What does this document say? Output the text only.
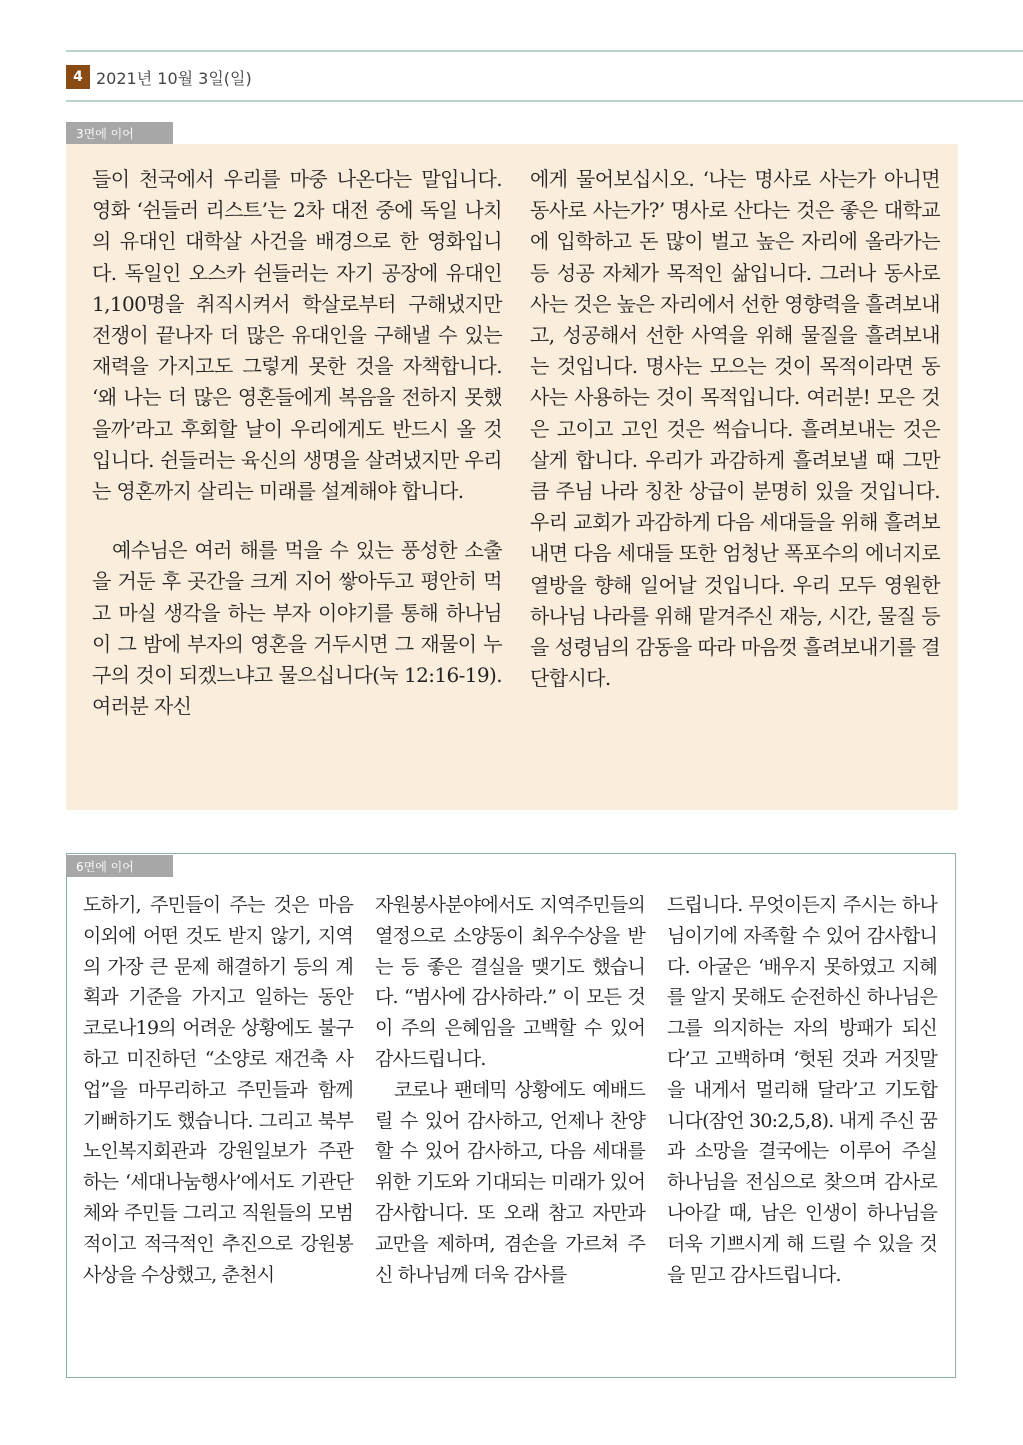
4 2021년 10월 3일(일)
3면에 이어

들이 천국에서 우리를 마중 나온다는 말입니다. 영화 ‘쉰들러 리스트’는 2차 대전 중에 독일 나치의 유대인 대학살 사건을 배경으로 한 영화입니다. 독일인 오스카 쉰들러는 자기 공장에 유대인 1,100명을 취직시켜서 학살로부터 구해냈지만 전쟁이 끝나자 더 많은 유대인을 구해낼 수 있는 재력을 가지고도 그렇게 못한 것을 자책합니다. ‘왜 나는 더 많은 영혼들에게 복음을 전하지 못했을까’라고 후회할 날이 우리에게도 반드시 올 것입니다. 쉰들러는 육신의 생명을 살려냈지만 우리는 영혼까지 살리는 미래를 설계해야 합니다.

예수님은 여러 해를 먹을 수 있는 풍성한 소출을 거둔 후 곳간을 크게 지어 쌓아두고 평안히 먹고 마실 생각을 하는 부자 이야기를 통해 하나님이 그 밤에 부자의 영혼을 거두시면 그 재물이 누구의 것이 되겠느냐고 물으십니다(눅 12:16-19). 여러분 자신

에게 물어보십시오. ‘나는 명사로 사는가 아니면 동사로 사는가?’ 명사로 산다는 것은 좋은 대학교에 입학하고 돈 많이 벌고 높은 자리에 올라가는 등 성공 자체가 목적인 삶입니다. 그러나 동사로 사는 것은 높은 자리에서 선한 영향력을 흘려보내고, 성공해서 선한 사역을 위해 물질을 흘려보내는 것입니다. 명사는 모으는 것이 목적이라면 동사는 사용하는 것이 목적입니다. 여러분! 모은 것은 고이고 고인 것은 썩습니다. 흘려보내는 것은 살게 합니다. 우리가 과감하게 흘려보낼 때 그만큼 주님 나라 칭찬 상급이 분명히 있을 것입니다. 우리 교회가 과감하게 다음 세대들을 위해 흘려보내면 다음 세대들 또한 엄청난 폭포수의 에너지로 열방을 향해 일어날 것입니다. 우리 모두 영원한 하나님 나라를 위해 맡겨주신 재능, 시간, 물질 등을 성령님의 감동을 따라 마음껏 흘려보내기를 결단합시다.

도하기, 주민들이 주는 것은 마음 이외에 어떤 것도 받지 않기, 지역의 가장 큰 문제 해결하기 등의 계획과 기준을 가지고 일하는 동안 코로나19의 어려운 상황에도 불구하고 미진하던 “소양로 재건축 사업”을 마무리하고 주민들과 함께 기뻐하기도 했습니다. 그리고 북부노인복지회관과 강원일보가 주관하는 ‘세대나눔행사’에서도 기관단체와 주민들 그리고 직원들의 모범적이고 적극적인 추진으로 강원봉사상을 수상했고, 춘천시

자원봉사분야에서도 지역주민들의 열정으로 소양동이 최우수상을 받는 등 좋은 결실을 맺기도 했습니다. “범사에 감사하라.” 이 모든 것이 주의 은혜임을 고백할 수 있어 감사드립니다.

코로나 팬데믹 상황에도 예배드릴 수 있어 감사하고, 언제나 찬양할 수 있어 감사하고, 다음 세대를 위한 기도와 기대되는 미래가 있어 감사합니다. 또 오래 참고 자만과 교만을 제하며, 겸손을 가르쳐 주신 하나님께 더욱 감사를

드립니다. 무엇이든지 주시는 하나님이기에 자족할 수 있어 감사합니다. 아굴은 ‘배우지 못하였고 지혜를 알지 못해도 순전하신 하나님은 그를 의지하는 자의 방패가 되신다’고 고백하며 ‘헛된 것과 거짓말을 내게서 멀리해 달라’고 기도합니다(잠언 30:2,5,8). 내게 주신 꿈과 소망을 결국에는 이루어 주실 하나님을 전심으로 찾으며 감사로 나아갈 때, 남은 인생이 하나님을 더욱 기쁘시게 해 드릴 수 있을 것을 믿고 감사드립니다.

6면에 이어
